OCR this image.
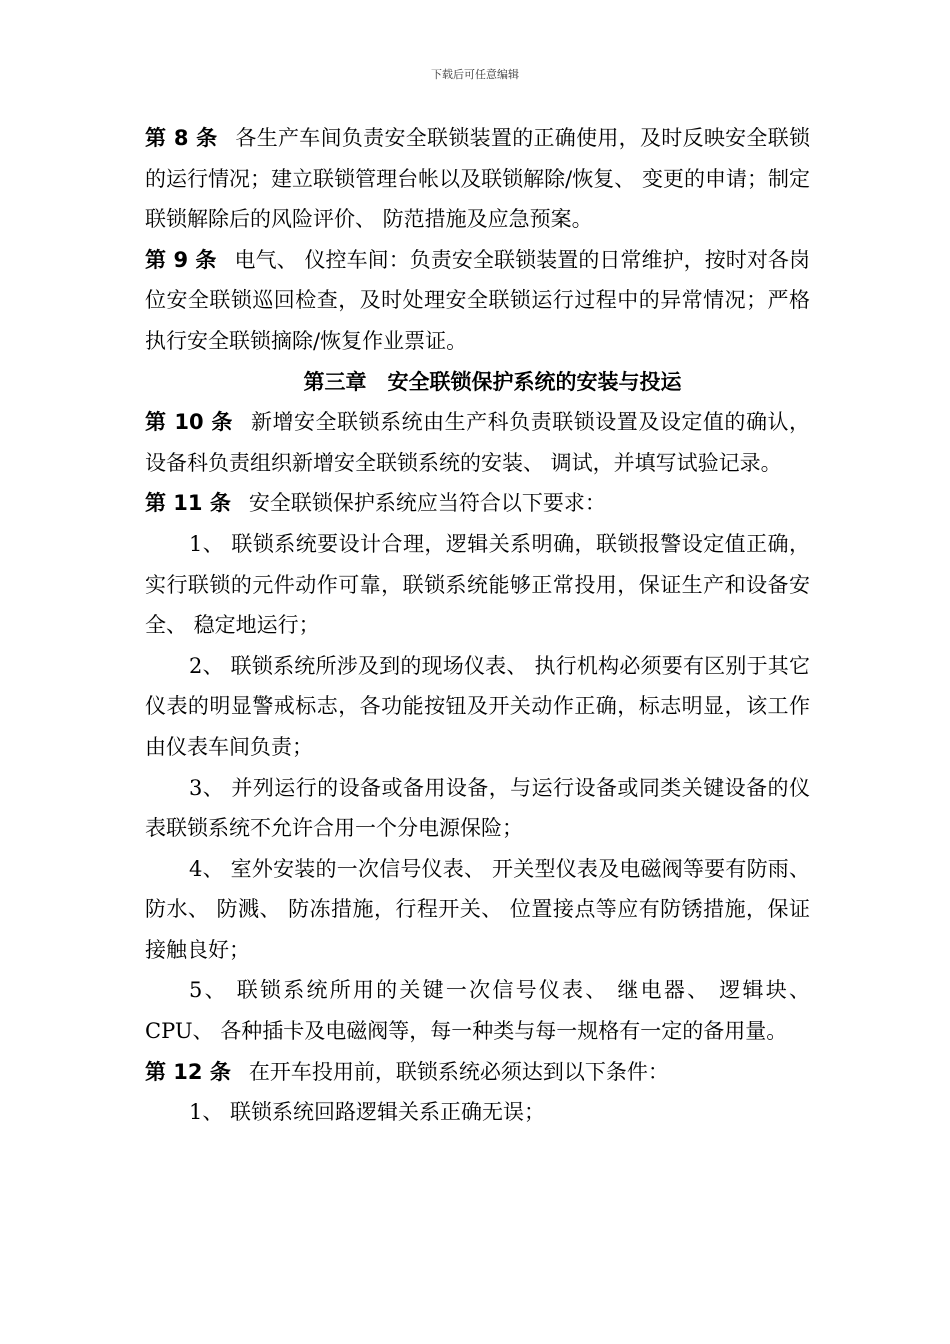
下载后可任意编辑

第 8 条 各生产车间负责安全联锁装置的正确使用，及时反映安全联锁的运行情况；建立联锁管理台帐以及联锁解除/恢复、 变更的申请；制定联锁解除后的风险评价、 防范措施及应急预案。

第 9 条 电气、 仪控车间：负责安全联锁装置的日常维护，按时对各岗位安全联锁巡回检查，及时处理安全联锁运行过程中的异常情况；严格执行安全联锁摘除/恢复作业票证。

第三章　安全联锁保护系统的安装与投运

第 10 条 新增安全联锁系统由生产科负责联锁设置及设定值的确认，设备科负责组织新增安全联锁系统的安装、 调试，并填写试验记录。

第 11 条 安全联锁保护系统应当符合以下要求：

1、 联锁系统要设计合理，逻辑关系明确，联锁报警设定值正确，实行联锁的元件动作可靠，联锁系统能够正常投用，保证生产和设备安全、 稳定地运行；

2、 联锁系统所涉及到的现场仪表、 执行机构必须要有区别于其它仪表的明显警戒标志，各功能按钮及开关动作正确，标志明显，该工作由仪表车间负责；

3、 并列运行的设备或备用设备，与运行设备或同类关键设备的仪表联锁系统不允许合用一个分电源保险；

4、 室外安装的一次信号仪表、 开关型仪表及电磁阀等要有防雨、 防水、 防溅、 防冻措施，行程开关、 位置接点等应有防锈措施，保证接触良好；

5、 联锁系统所用的关键一次信号仪表、 继电器、 逻辑块、 CPU、 各种插卡及电磁阀等，每一种类与每一规格有一定的备用量。

第 12 条 在开车投用前，联锁系统必须达到以下条件：

1、 联锁系统回路逻辑关系正确无误；
